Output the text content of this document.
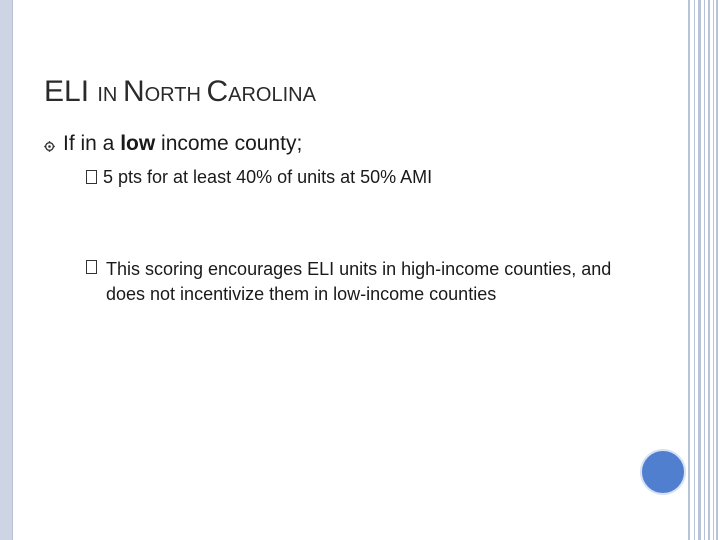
ELI IN NORTH CAROLINA
If in a low income county;
5 pts for at least 40% of units at 50% AMI
This scoring encourages ELI units in high-income counties, and does not incentivize them in low-income counties
